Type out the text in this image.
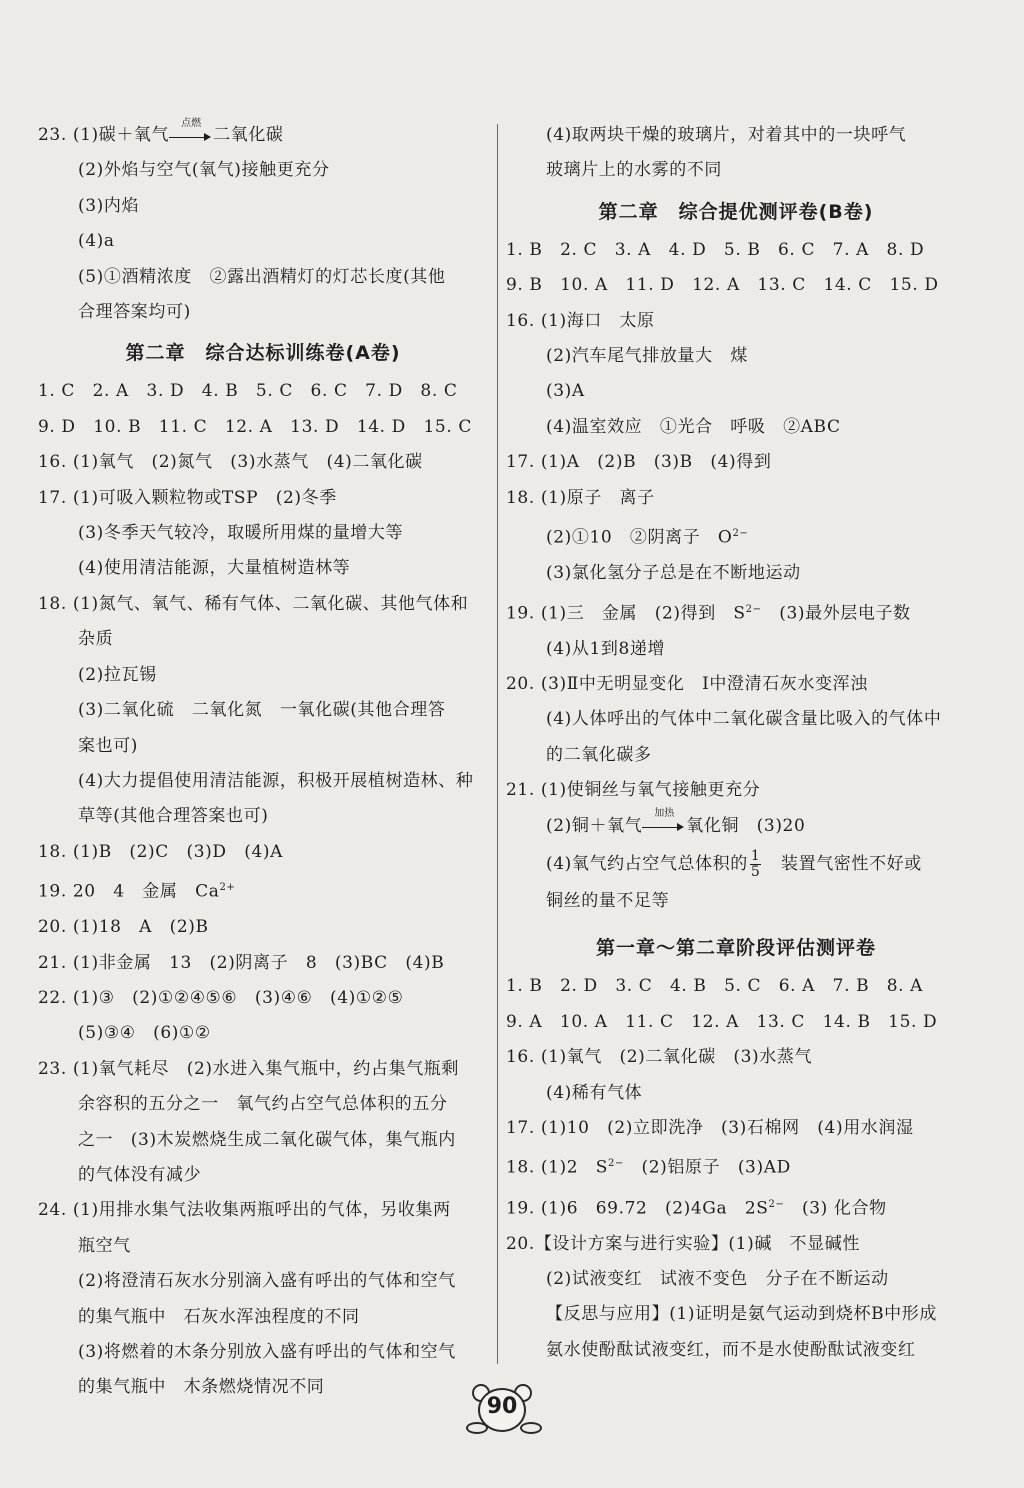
23. (1)碳＋氧气
点燃
二氧化碳
(2)外焰与空气(氧气)接触更充分
(3)内焰
(4)a
(5)①酒精浓度　②露出酒精灯的灯芯长度(其他
合理答案均可)
第二章　综合达标训练卷(A卷)
1. C　2. A　3. D　4. B　5. C　6. C　7. D　8. C
9. D　10. B　11. C　12. A　13. D　14. D　15. C
16. (1)氧气　(2)氮气　(3)水蒸气　(4)二氧化碳
17. (1)可吸入颗粒物或TSP　(2)冬季
(3)冬季天气较冷，取暖所用煤的量增大等
(4)使用清洁能源，大量植树造林等
18. (1)氮气、氧气、稀有气体、二氧化碳、其他气体和
杂质
(2)拉瓦锡
(3)二氧化硫　二氧化氮　一氧化碳(其他合理答
案也可)
(4)大力提倡使用清洁能源，积极开展植树造林、种
草等(其他合理答案也可)
18. (1)B　(2)C　(3)D　(4)A
19. 20　4　金属　$Ca^{2+}$
20. (1)18　A　(2)B
21. (1)非金属　13　(2)阴离子　8　(3)BC　(4)B
22. (1)③　(2)①②④⑤⑥　(3)④⑥　(4)①②⑤
(5)③④　(6)①②
23. (1)氧气耗尽　(2)水进入集气瓶中，约占集气瓶剩
余容积的五分之一　氧气约占空气总体积的五分
之一　(3)木炭燃烧生成二氧化碳气体，集气瓶内
的气体没有减少
24. (1)用排水集气法收集两瓶呼出的气体，另收集两
瓶空气
(2)将澄清石灰水分别滴入盛有呼出的气体和空气
的集气瓶中　石灰水浑浊程度的不同
(3)将燃着的木条分别放入盛有呼出的气体和空气
的集气瓶中　木条燃烧情况不同
(4)取两块干燥的玻璃片，对着其中的一块呼气
玻璃片上的水雾的不同
第二章　综合提优测评卷(B卷)
1. B　2. C　3. A　4. D　5. B　6. C　7. A　8. D
9. B　10. A　11. D　12. A　13. C　14. C　15. D
16. (1)海口　太原
(2)汽车尾气排放量大　煤
(3)A
(4)温室效应　①光合　呼吸　②ABC
17. (1)A　(2)B　(3)B　(4)得到
18. (1)原子　离子
(2)①10　②阴离子　$O^{2-}$
(3)氯化氢分子总是在不断地运动
19. (1)三　金属　(2)得到　$S^{2-}$　(3)最外层电子数
(4)从1到8递增
20. (3)Ⅱ中无明显变化　Ⅰ中澄清石灰水变浑浊
(4)人体呼出的气体中二氧化碳含量比吸入的气体中
的二氧化碳多
21. (1)使铜丝与氧气接触更充分
(2)铜＋氧气
加热
氧化铜　(3)20
(4)氧气约占空气总体积的 $\frac{1}{5}$ 　装置气密性不好或
铜丝的量不足等
第一章～第二章阶段评估测评卷
1. B　2. D　3. C　4. B　5. C　6. A　7. B　8. A
9. A　10. A　11. C　12. A　13. C　14. B　15. D
16. (1)氧气　(2)二氧化碳　(3)水蒸气
(4)稀有气体
17. (1)10　(2)立即洗净　(3)石棉网　(4)用水润湿
18. (1)2　$S^{2-}$　(2)铝原子　(3)AD
19. (1)6　69.72　(2)4Ga　$2S^{2-}$　(3) 化合物
20.【设计方案与进行实验】(1)碱　不显碱性
(2)试液变红　试液不变色　分子在不断运动
【反思与应用】(1)证明是氨气运动到烧杯B中形成
氨水使酚酞试液变红，而不是水使酚酞试液变红
90
